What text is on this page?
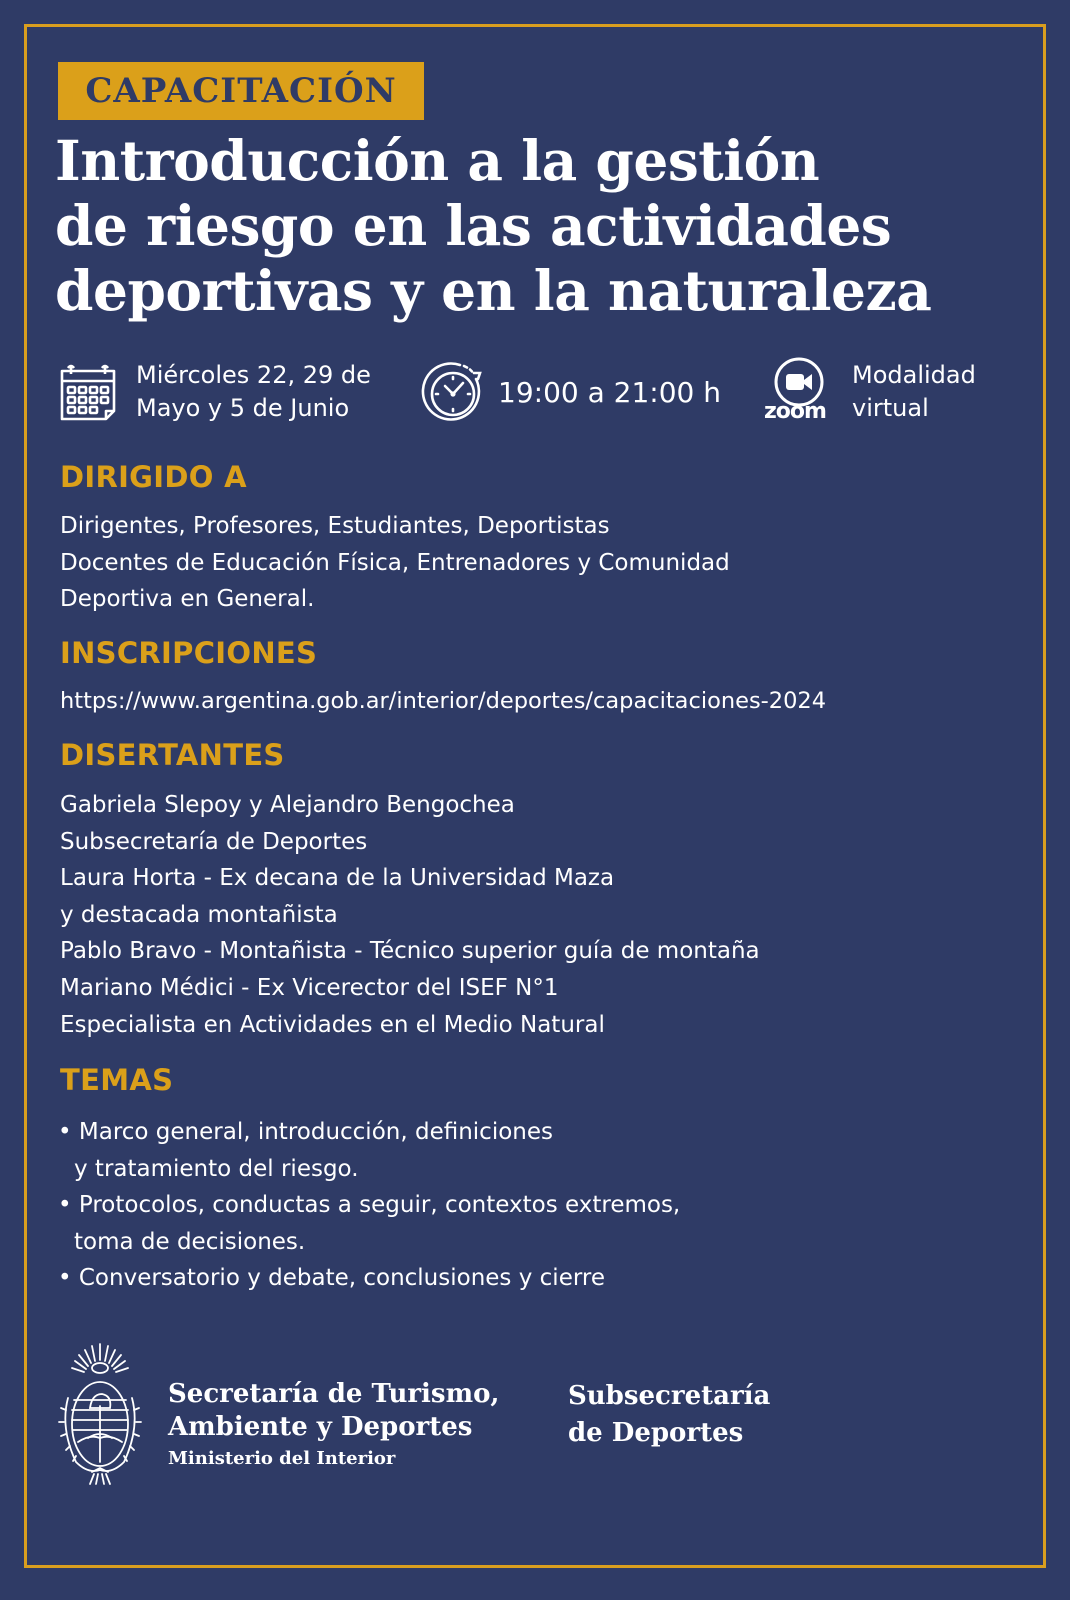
CAPACITACIÓN
Introducción a la gestión
de riesgo en las actividades
deportivas y en la naturaleza
Miércoles 22, 29 de
Mayo y 5 de Junio	19:00 a 21:00 h
zoom
Modalidad
virtual
DIRIGIDO A
Dirigentes, Profesores, Estudiantes, Deportistas
Docentes de Educación Física, Entrenadores y Comunidad
Deportiva en General.
INSCRIPCIONES
https://www.argentina.gob.ar/interior/deportes/capacitaciones-2024
DISERTANTES
Gabriela Slepoy y Alejandro Bengochea
Subsecretaría de Deportes
Laura Horta - Ex decana de la Universidad Maza
y destacada montañista
Pablo Bravo - Montañista - Técnico superior guía de montaña
Mariano Médici - Ex Vicerector del ISEF N°1
Especialista en Actividades en el Medio Natural
TEMAS
• Marco general, introducción, definiciones
y tratamiento del riesgo.
• Protocolos, conductas a seguir, contextos extremos,
toma de decisiones.
• Conversatorio y debate, conclusiones y cierre
Secretaría de Turismo,
Ambiente y Deportes
Ministerio del Interior
Subsecretaría
de Deportes
